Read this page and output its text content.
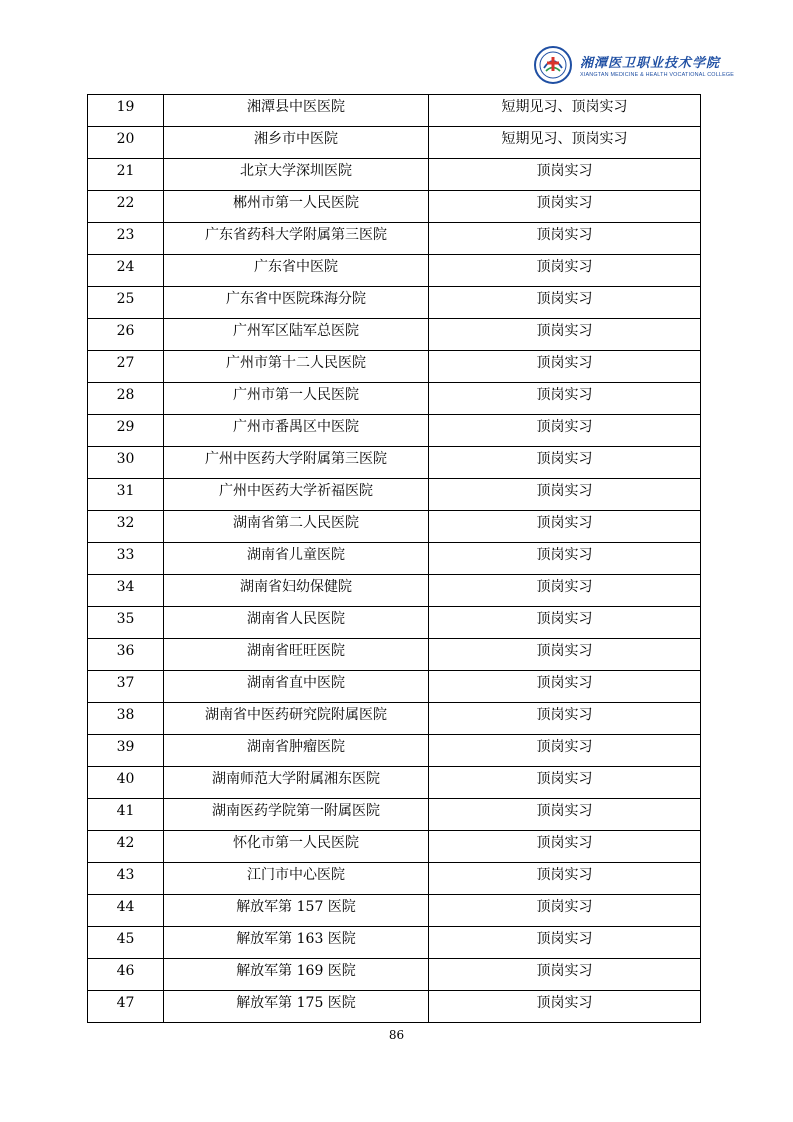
湘潭医卫职业技术学院
XIANGTAN MEDICINE & HEALTH VOCATIONAL COLLEGE
19	湘潭县中医医院	短期见习、顶岗实习

20	湘乡市中医院	短期见习、顶岗实习

21	北京大学深圳医院	顶岗实习

22	郴州市第一人民医院	顶岗实习

23	广东省药科大学附属第三医院	顶岗实习

24	广东省中医院	顶岗实习

25	广东省中医院珠海分院	顶岗实习

26	广州军区陆军总医院	顶岗实习

27	广州市第十二人民医院	顶岗实习

28	广州市第一人民医院	顶岗实习

29	广州市番禺区中医院	顶岗实习

30	广州中医药大学附属第三医院	顶岗实习

31	广州中医药大学祈福医院	顶岗实习

32	湖南省第二人民医院	顶岗实习

33	湖南省儿童医院	顶岗实习

34	湖南省妇幼保健院	顶岗实习

35	湖南省人民医院	顶岗实习

36	湖南省旺旺医院	顶岗实习

37	湖南省直中医院	顶岗实习

38	湖南省中医药研究院附属医院	顶岗实习

39	湖南省肿瘤医院	顶岗实习

40	湖南师范大学附属湘东医院	顶岗实习

41	湖南医药学院第一附属医院	顶岗实习

42	怀化市第一人民医院	顶岗实习

43	江门市中心医院	顶岗实习

44	解放军第 157 医院	顶岗实习

45	解放军第 163 医院	顶岗实习

46	解放军第 169 医院	顶岗实习

47	解放军第 175 医院	顶岗实习
86
